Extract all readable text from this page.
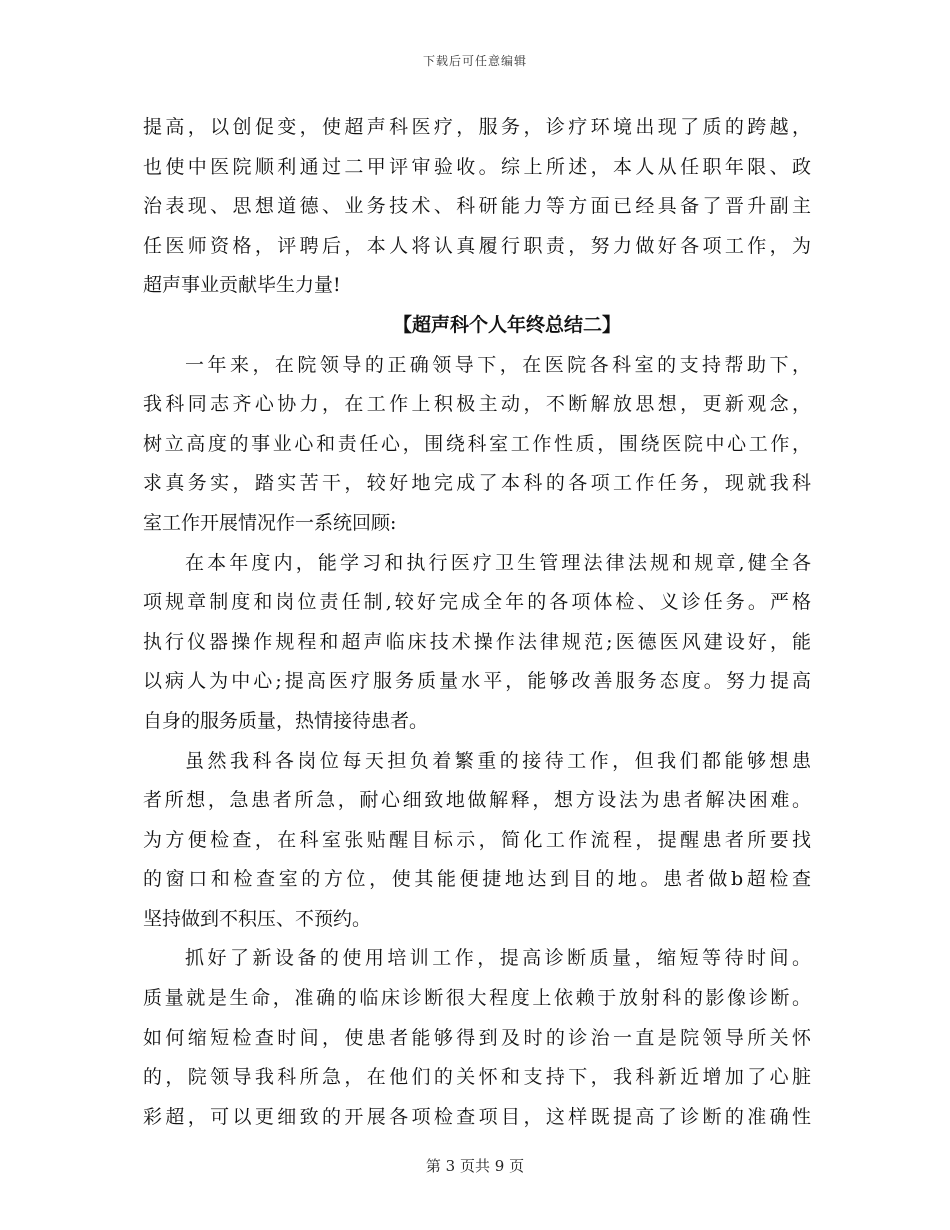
下载后可任意编辑
提高，以创促变，使超声科医疗，服务，诊疗环境出现了质的跨越，
也使中医院顺利通过二甲评审验收。综上所述，本人从任职年限、政
治表现、思想道德、业务技术、科研能力等方面已经具备了晋升副主
任医师资格，评聘后，本人将认真履行职责，努力做好各项工作，为
超声事业贡献毕生力量!
【超声科个人年终总结二】
一年来，在院领导的正确领导下，在医院各科室的支持帮助下，
我科同志齐心协力，在工作上积极主动，不断解放思想，更新观念，
树立高度的事业心和责任心，围绕科室工作性质，围绕医院中心工作，
求真务实，踏实苦干，较好地完成了本科的各项工作任务，现就我科
室工作开展情况作一系统回顾:
在本年度内，能学习和执行医疗卫生管理法律法规和规章,健全各
项规章制度和岗位责任制,较好完成全年的各项体检、义诊任务。严格
执行仪器操作规程和超声临床技术操作法律规范;医德医风建设好，能
以病人为中心;提高医疗服务质量水平，能够改善服务态度。努力提高
自身的服务质量，热情接待患者。
虽然我科各岗位每天担负着繁重的接待工作，但我们都能够想患
者所想，急患者所急，耐心细致地做解释，想方设法为患者解决困难。
为方便检查，在科室张贴醒目标示，简化工作流程，提醒患者所要找
的窗口和检查室的方位，使其能便捷地达到目的地。患者做b超检查
坚持做到不积压、不预约。
抓好了新设备的使用培训工作，提高诊断质量，缩短等待时间。
质量就是生命，准确的临床诊断很大程度上依赖于放射科的影像诊断。
如何缩短检查时间，使患者能够得到及时的诊治一直是院领导所关怀
的，院领导我科所急，在他们的关怀和支持下，我科新近增加了心脏
彩超，可以更细致的开展各项检查项目，这样既提高了诊断的准确性
第 3 页共 9 页
